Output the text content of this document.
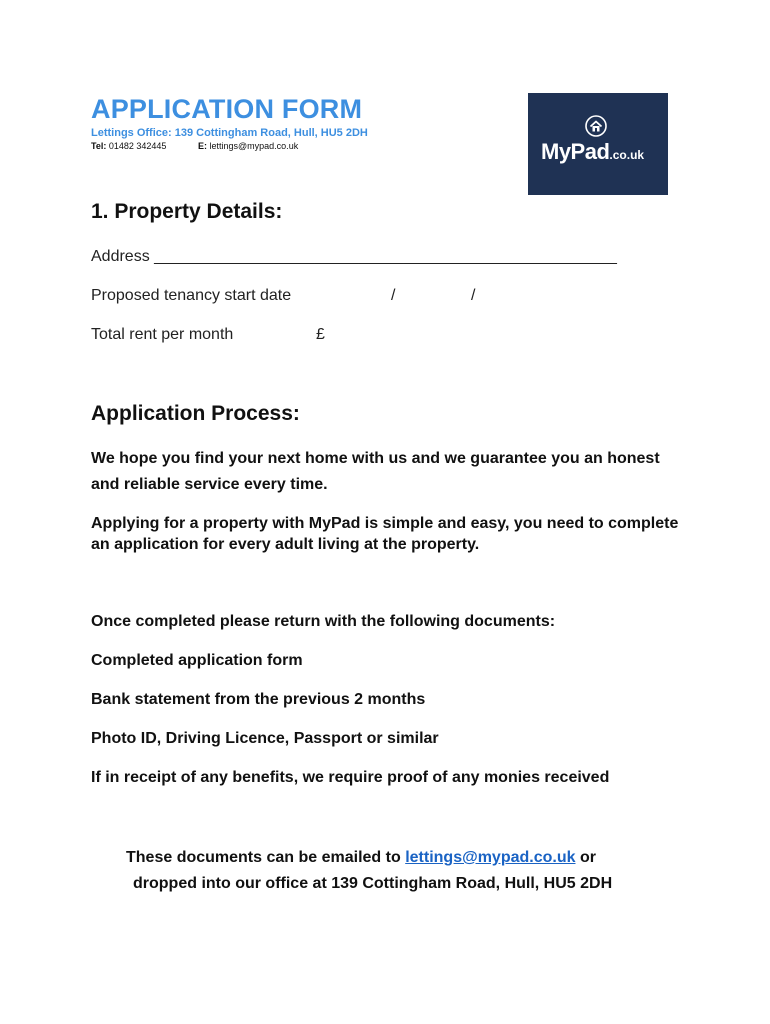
APPLICATION FORM
Lettings Office: 139 Cottingham Road, Hull, HU5 2DH
Tel: 01482 342445	E: lettings@mypad.co.uk	MyPad.co.uk
1. Property Details:
Address ____________________________________________________
Proposed tenancy start date	/	/
Total rent per month	£
Application Process:
We hope you find your next home with us and we guarantee you an honest and reliable service every time.
Applying for a property with MyPad is simple and easy, you need to complete an application for every adult living at the property.
Once completed please return with the following documents:
Completed application form
Bank statement from the previous 2 months
Photo ID, Driving Licence, Passport or similar
If in receipt of any benefits, we require proof of any monies received
These documents can be emailed to lettings@mypad.co.uk or
dropped into our office at 139 Cottingham Road, Hull, HU5 2DH
